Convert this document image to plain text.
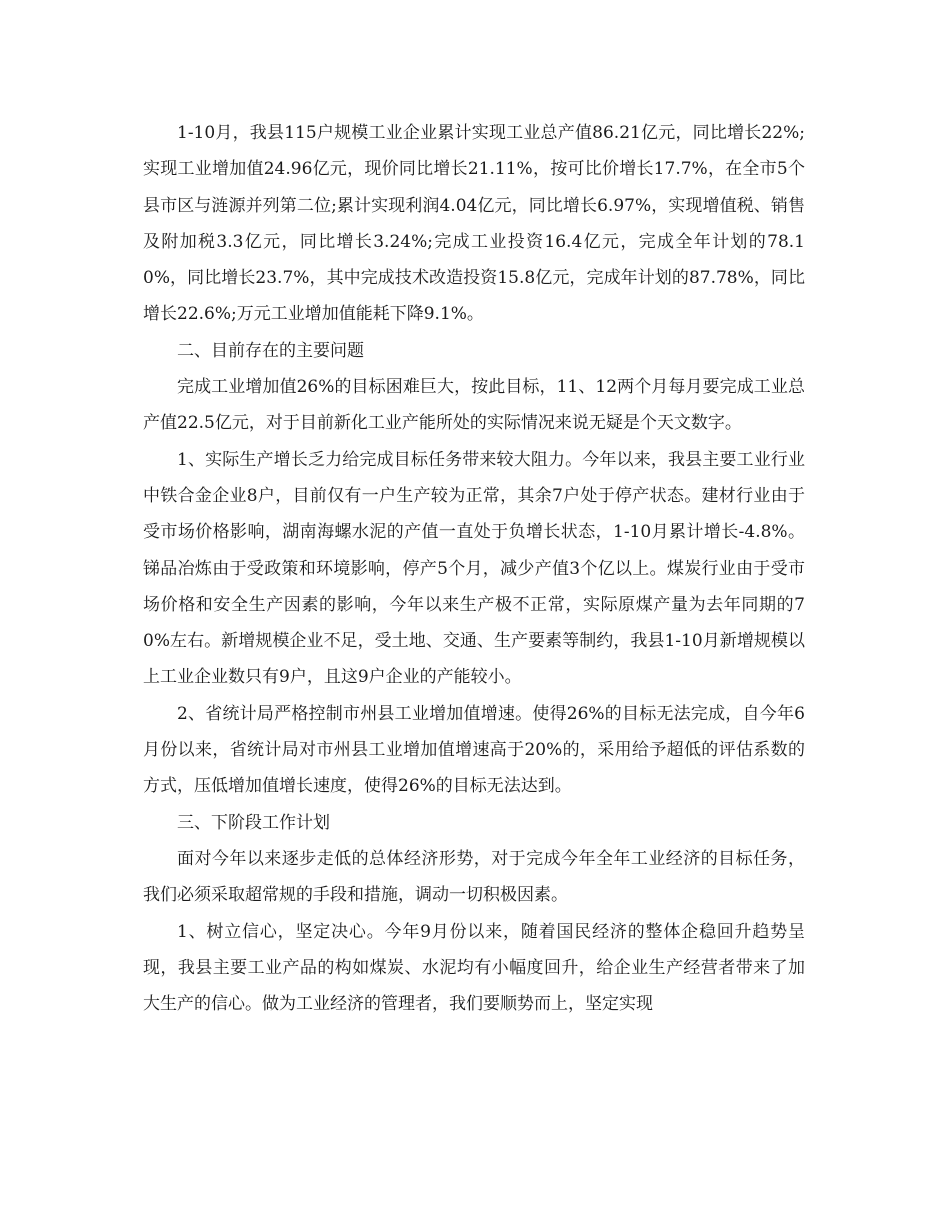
1-10月，我县115户规模工业企业累计实现工业总产值86.21亿元，同比增长22%;实现工业增加值24.96亿元，现价同比增长21.11%，按可比价增长17.7%，在全市5个县市区与涟源并列第二位;累计实现利润4.04亿元，同比增长6.97%，实现增值税、销售及附加税3.3亿元，同比增长3.24%;完成工业投资16.4亿元，完成全年计划的78.10%，同比增长23.7%，其中完成技术改造投资15.8亿元，完成年计划的87.78%，同比增长22.6%;万元工业增加值能耗下降9.1%。

二、目前存在的主要问题

完成工业增加值26%的目标困难巨大，按此目标，11、12两个月每月要完成工业总产值22.5亿元，对于目前新化工业产能所处的实际情况来说无疑是个天文数字。

1、实际生产增长乏力给完成目标任务带来较大阻力。今年以来，我县主要工业行业中铁合金企业8户，目前仅有一户生产较为正常，其余7户处于停产状态。建材行业由于受市场价格影响，湖南海螺水泥的产值一直处于负增长状态，1-10月累计增长-4.8%。锑品冶炼由于受政策和环境影响，停产5个月，减少产值3个亿以上。煤炭行业由于受市场价格和安全生产因素的影响，今年以来生产极不正常，实际原煤产量为去年同期的70%左右。新增规模企业不足，受土地、交通、生产要素等制约，我县1-10月新增规模以上工业企业数只有9户，且这9户企业的产能较小。

2、省统计局严格控制市州县工业增加值增速。使得26%的目标无法完成，自今年6月份以来，省统计局对市州县工业增加值增速高于20%的，采用给予超低的评估系数的方式，压低增加值增长速度，使得26%的目标无法达到。

三、下阶段工作计划

面对今年以来逐步走低的总体经济形势，对于完成今年全年工业经济的目标任务，我们必须采取超常规的手段和措施，调动一切积极因素。

1、树立信心，坚定决心。今年9月份以来，随着国民经济的整体企稳回升趋势呈现，我县主要工业产品的构如煤炭、水泥均有小幅度回升，给企业生产经营者带来了加大生产的信心。做为工业经济的管理者，我们要顺势而上，坚定实现
